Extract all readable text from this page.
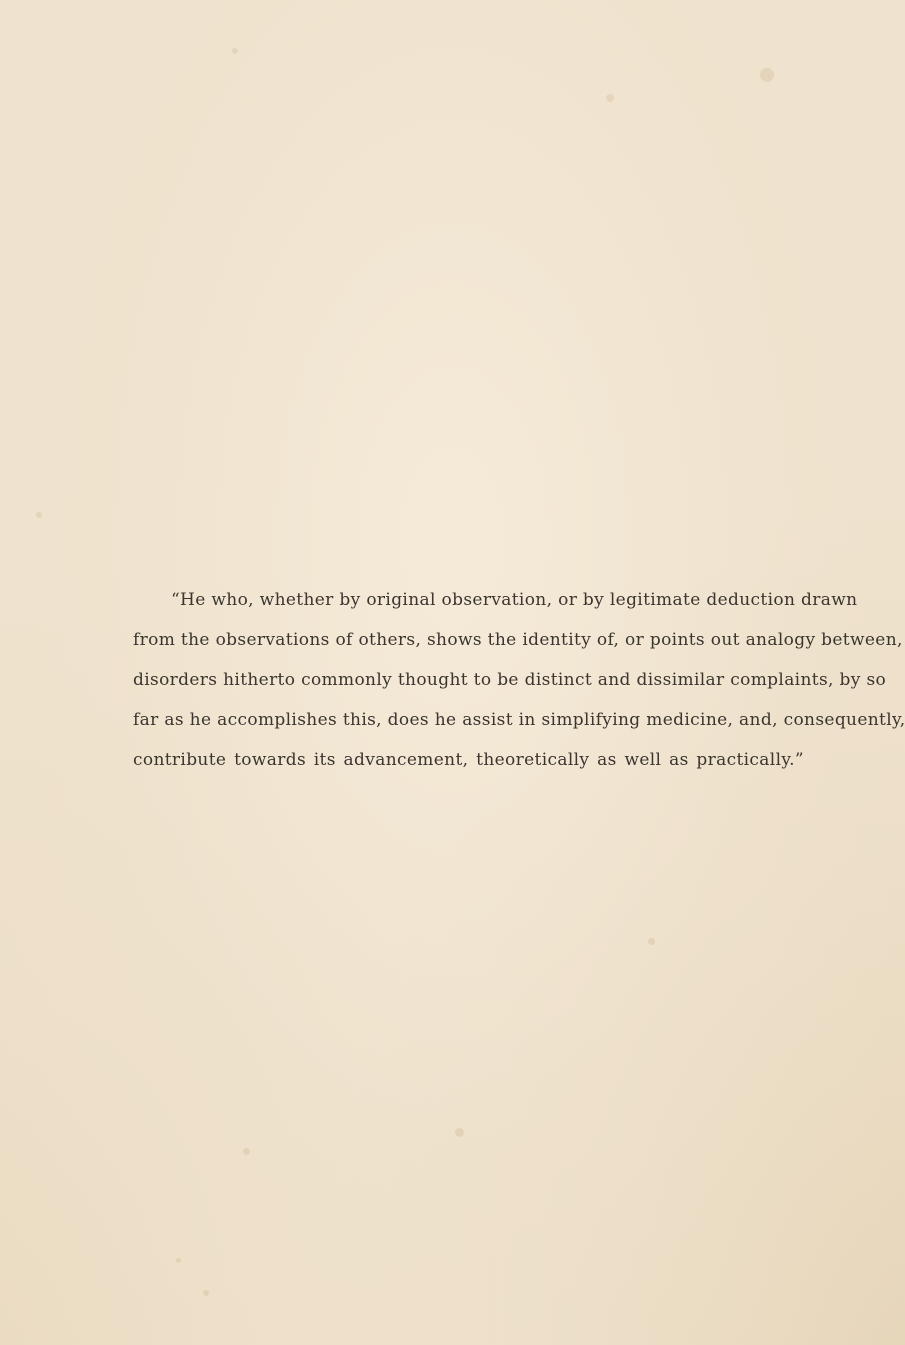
“He who, whether by original observation, or by legitimate deduction drawn
from the observations of others, shows the identity of, or points out analogy between,
disorders hitherto commonly thought to be distinct and dissimilar complaints, by so
far as he accomplishes this, does he assist in simplifying medicine, and, consequently,
contribute towards its advancement, theoretically as well as practically.”
